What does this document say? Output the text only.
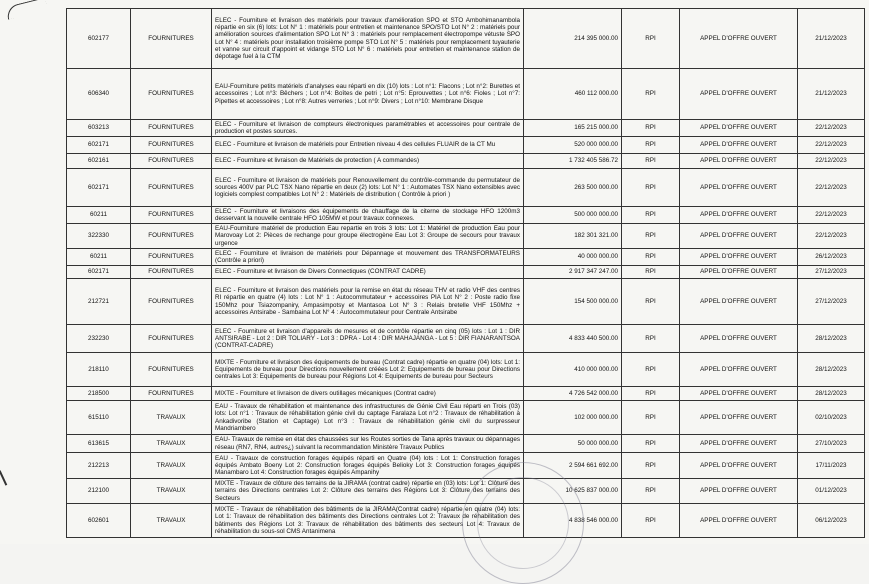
602177	FOURNITURES	ELEC - Fourniture et livraison des matériels pour travaux d'amélioration SPO et STO Ambohimanambola répartie en six (6) lots: Lot N° 1 : matériels pour entretien et maintenance SPO/STO Lot N° 2 : matériels pour amélioration sources d'alimentation SPO Lot N° 3 : matériels pour remplacement électropompe vétuste SPO Lot N° 4 : matériels pour installation troisième pompe STO Lot N° 5 : matériels pour remplacement tuyauterie et vanne sur circuit d'appoint et vidange STO Lot N° 6 : matériels pour entretien et maintenance station de dépotage fuel à la CTM	214 395 000.00	RPI	APPEL D'OFFRE OUVERT	21/12/2023
606340	FOURNITURES	EAU-Fourniture petits matériels d'analyses eau réparti en dix (10) lots : Lot n°1: Flacons ; Lot n°2: Burettes et accessoires ; Lot n°3: Bêchers ; Lot n°4: Boîtes de petri ; Lot n°5: Eprouvettes ; Lot n°6: Fioles ; Lot n°7: Pipettes et accessoires ; Lot n°8: Autres verreries ; Lot n°9: Divers ; Lot n°10: Membrane Disque	460 112 000.00	RPI	APPEL D'OFFRE OUVERT	21/12/2023
603213	FOURNITURES	ELEC - Fourniture et livraison de compteurs électroniques paramétrables et accessoires pour centrale de production et postes sources.	165 215 000.00	RPI	APPEL D'OFFRE OUVERT	22/12/2023
602171	FOURNITURES	ELEC - Fourniture et livraison de matériels pour Entretien niveau 4 des cellules FLUAIR de la CT Mu	520 000 000.00	RPI	APPEL D'OFFRE OUVERT	22/12/2023
602161	FOURNITURES	ELEC - Fourniture et livraison de Matériels de protection ( A commandes)	1 732 405 586.72	RPI	APPEL D'OFFRE OUVERT	22/12/2023
602171	FOURNITURES	ELEC - Fourniture et livraison de matériels pour Renouvellement du contrôle-commande du permutateur de sources 400V par PLC TSX Nano répartie en deux (2) lots: Lot N° 1 : Automates TSX Nano extensibles avec logiciels complest compatibles Lot N° 2 : Matériels de distribution ( Contrôle à priori )	263 500 000.00	RPI	APPEL D'OFFRE OUVERT	22/12/2023
60211	FOURNITURES	ELEC - Fourniture et livraisons des équipements de chauffage de la citerne de stockage HFO 1200m3 desservant la nouvelle centrale HFO 105MW et pour travaux connexes.	500 000 000.00	RPI	APPEL D'OFFRE OUVERT	22/12/2023
322330	FOURNITURES	EAU-Fourniture matériel de production Eau repartie en trois 3 lots: Lot 1: Matériel de production Eau pour Marovoay Lot 2: Pièces de rechange pour groupe électrogène Eau Lot 3: Groupe de secours pour travaux urgence	182 301 321.00	RPI	APPEL D'OFFRE OUVERT	22/12/2023
60211	FOURNITURES	ELEC - Fourniture et livraison de matériels pour Dépannage et mouvement des TRANSFORMATEURS (Contrôle a priori)	40 000 000.00	RPI	APPEL D'OFFRE OUVERT	26/12/2023
602171	FOURNITURES	ELEC - Fourniture et livraison de Divers Connectiques (CONTRAT CADRE)	2 917 347 247.00	RPI	APPEL D'OFFRE OUVERT	27/12/2023
212721	FOURNITURES	ELEC - Fourniture et livraison des matériels pour la remise en état du réseau THV et radio VHF des centres RI répartie en quatre (4) lots : Lot N° 1 : Autocommutateur + accessoires PIA Lot N° 2 : Poste radio fixe 150Mhz pour Tsiazompaniry, Ampasimpotsy et Mantasoa Lot N° 3 : Relais bretelle VHF 150Mhz + accessoires Antsirabe - Sambaina Lot N° 4 : Autocommutateur pour Centrale Antsirabe	154 500 000.00	RPI	APPEL D'OFFRE OUVERT	27/12/2023
232230	FOURNITURES	ELEC - Fourniture et livraison d'appareils de mesures et de contrôle répartie en cinq (05) lots : Lot 1 : DIR ANTSIRABE - Lot 2 : DIR TOLIARY - Lot 3 : DPRA - Lot 4 : DIR MAHAJANGA - Lot 5 : DIR FIANARANTSOA (CONTRAT-CADRE)	4 833 440 500.00	RPI	APPEL D'OFFRE OUVERT	28/12/2023
218110	FOURNITURES	MIXTE - Fourniture et livraison des équipements de bureau (Contrat cadre) répartie en quatre (04) lots: Lot 1: Equipements de bureau pour Directions nouvellement créées Lot 2: Equipements de bureau pour Directions centrales Lot 3: Equipements de bureau pour Régions Lot 4: Equipements de bureau pour Secteurs	410 000 000.00	RPI	APPEL D'OFFRE OUVERT	28/12/2023
218500	FOURNITURES	MIXTE - Fourniture et livraison de divers outillages mécaniques (Contrat cadre)	4 726 542 000.00	RPI	APPEL D'OFFRE OUVERT	28/12/2023
615110	TRAVAUX	EAU - Travaux de réhabilitation et maintenance des infrastructures de Génie Civil Eau réparti en Trois (03) lots: Lot n°1 : Travaux de réhabilitation génie civil du captage Faralaza Lot n°2 : Travaux de réhabilitation à Ankadivoribe (Station et Captage) Lot n°3 : Travaux de réhabilitation génie civil du surpresseur Mandriambero	102 000 000.00	RPI	APPEL D'OFFRE OUVERT	02/10/2023
613615	TRAVAUX	EAU- Travaux de remise en état des chaussées sur les Routes sorties de Tana après travaux ou dépannages réseau (RN7, RN4, autres¿) suivant la recommandation Ministère Travaux Publics	50 000 000.00	RPI	APPEL D'OFFRE OUVERT	27/10/2023
212213	TRAVAUX	EAU - Travaux de construction forages équipés réparti en Quatre (04) lots : Lot 1: Construction forages équipés Ambato Boeny Lot 2: Construction forages équipés Belioky Lot 3: Construction forages équipés Manambaro Lot 4: Construction forages équipés Ampanihy	2 594 661 692.00	RPI	APPEL D'OFFRE OUVERT	17/11/2023
212100	TRAVAUX	MIXTE - Travaux de clôture des terrains de la JIRAMA (contrat cadre) répartie en (03) lots: Lot 1: Clôture des terrains des Directions centrales Lot 2: Clôture des terrains des Régions Lot 3: Clôture des terrains des Secteurs	10 625 837 000.00	RPI	APPEL D'OFFRE OUVERT	01/12/2023
602601	TRAVAUX	MIXTE - Travaux de réhabilitation des bâtiments de la JIRAMA(Contrat cadre) répartie en quatre (04) lots: Lot 1: Travaux de réhabilitation des bâtiments des Directions centrales Lot 2: Travaux de réhabilitation des bâtiments des Régions Lot 3: Travaux de réhabilitation des bâtiments des secteurs Lot 4: Travaux de réhabilitation du sous-sol CMS Antanimena	4 838 546 000.00	RPI	APPEL D'OFFRE OUVERT	06/12/2023
